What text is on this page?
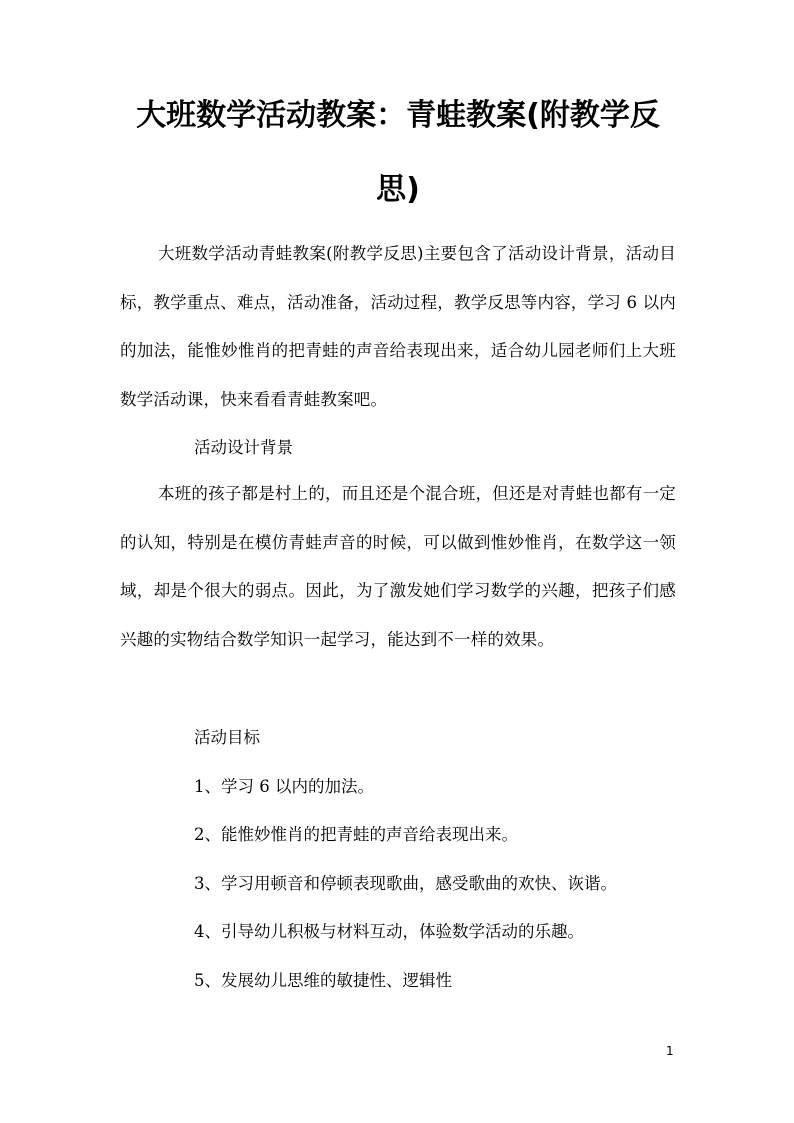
大班数学活动教案：青蛙教案(附教学反
思)

大班数学活动青蛙教案(附教学反思)主要包含了活动设计背景，活动目标，教学重点、难点，活动准备，活动过程，教学反思等内容，学习 6 以内的加法，能惟妙惟肖的把青蛙的声音给表现出来，适合幼儿园老师们上大班数学活动课，快来看看青蛙教案吧。

活动设计背景

本班的孩子都是村上的，而且还是个混合班，但还是对青蛙也都有一定的认知，特别是在模仿青蛙声音的时候，可以做到惟妙惟肖，在数学这一领域，却是个很大的弱点。因此，为了激发她们学习数学的兴趣，把孩子们感兴趣的实物结合数学知识一起学习，能达到不一样的效果。

活动目标

1、学习 6 以内的加法。

2、能惟妙惟肖的把青蛙的声音给表现出来。

3、学习用顿音和停顿表现歌曲，感受歌曲的欢快、诙谐。

4、引导幼儿积极与材料互动，体验数学活动的乐趣。

5、发展幼儿思维的敏捷性、逻辑性

1
